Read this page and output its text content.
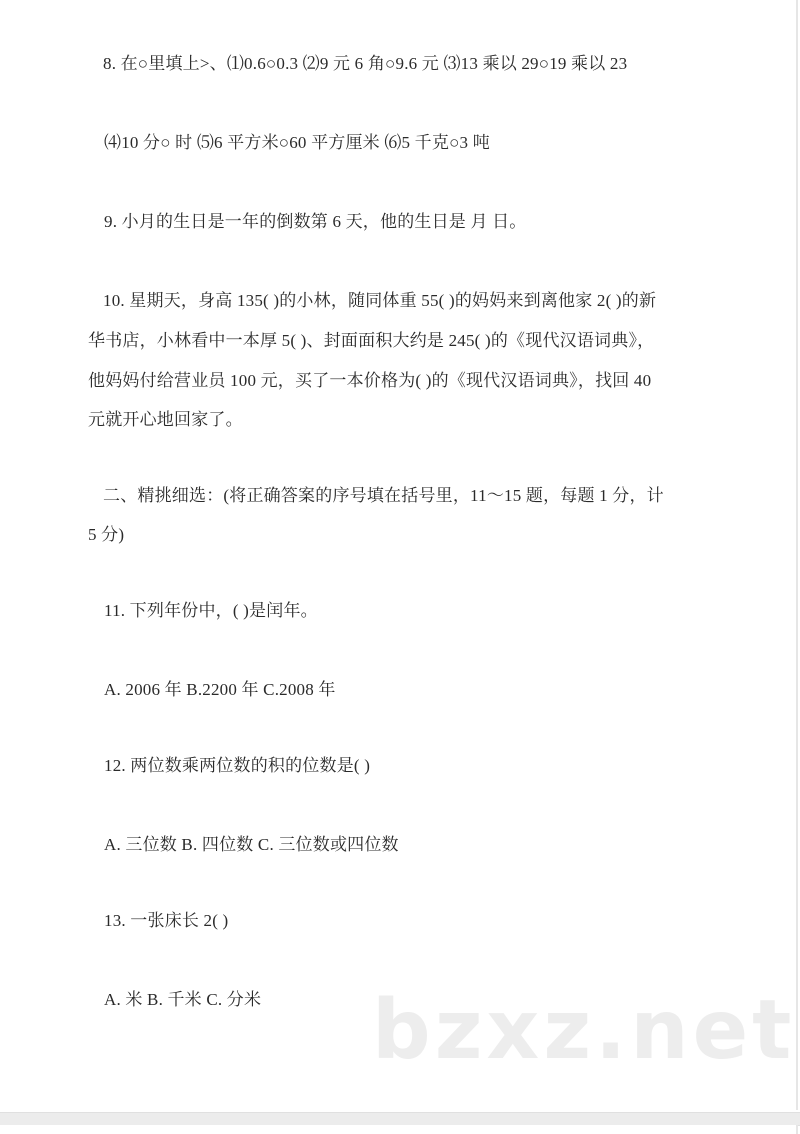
8. 在○里填上>、⑴0.6○0.3 ⑵9 元 6 角○9.6 元 ⑶13 乘以 29○19 乘以 23
⑷10 分○ 时 ⑸6 平方米○60 平方厘米 ⑹5 千克○3 吨
9. 小月的生日是一年的倒数第 6 天，他的生日是 月 日。
10. 星期天，身高 135( )的小林，随同体重 55( )的妈妈来到离他家 2( )的新
华书店，小林看中一本厚 5( )、封面面积大约是 245( )的《现代汉语词典》，
他妈妈付给营业员 100 元，买了一本价格为( )的《现代汉语词典》，找回 40
元就开心地回家了。
二、精挑细选：(将正确答案的序号填在括号里，11～15 题，每题 1 分，计
5 分)
11. 下列年份中，( )是闰年。
A. 2006 年 B.2200 年 C.2008 年
12. 两位数乘两位数的积的位数是( )
A. 三位数 B. 四位数 C. 三位数或四位数
13. 一张床长 2( )
A. 米 B. 千米 C. 分米 bzxz.net
